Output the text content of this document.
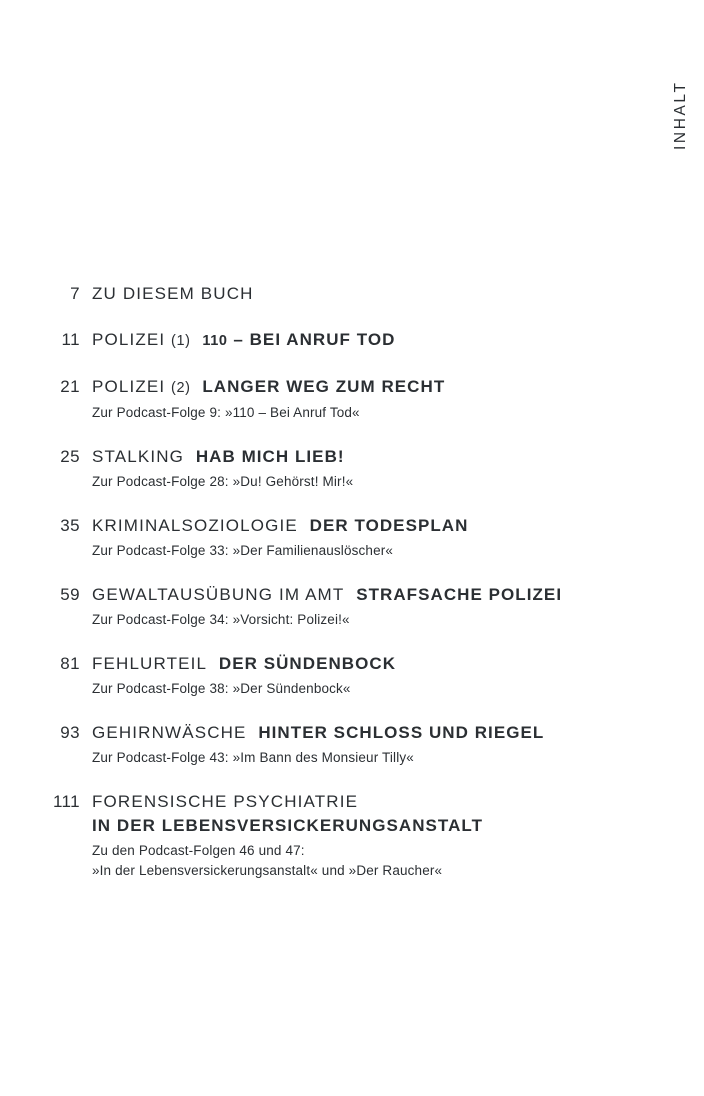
INHALT
7 ZU DIESEM BUCH
11 POLIZEI (1) 110 – BEI ANRUF TOD
21 POLIZEI (2) LANGER WEG ZUM RECHT
Zur Podcast-Folge 9: »110 – Bei Anruf Tod«
25 STALKING HAB MICH LIEB!
Zur Podcast-Folge 28: »Du! Gehörst! Mir!«
35 KRIMINALSOZIOLOGIE DER TODESPLAN
Zur Podcast-Folge 33: »Der Familienauslöscher«
59 GEWALTAUSÜBUNG IM AMT STRAFSACHE POLIZEI
Zur Podcast-Folge 34: »Vorsicht: Polizei!«
81 FEHLURTEIL DER SÜNDENBOCK
Zur Podcast-Folge 38: »Der Sündenbock«
93 GEHIRNWÄSCHE HINTER SCHLOSS UND RIEGEL
Zur Podcast-Folge 43: »Im Bann des Monsieur Tilly«
111 FORENSISCHE PSYCHIATRIE
IN DER LEBENSVERSICKERUNGSANSTALT
Zu den Podcast-Folgen 46 und 47:
»In der Lebensversickerungsanstalt« und »Der Raucher«
